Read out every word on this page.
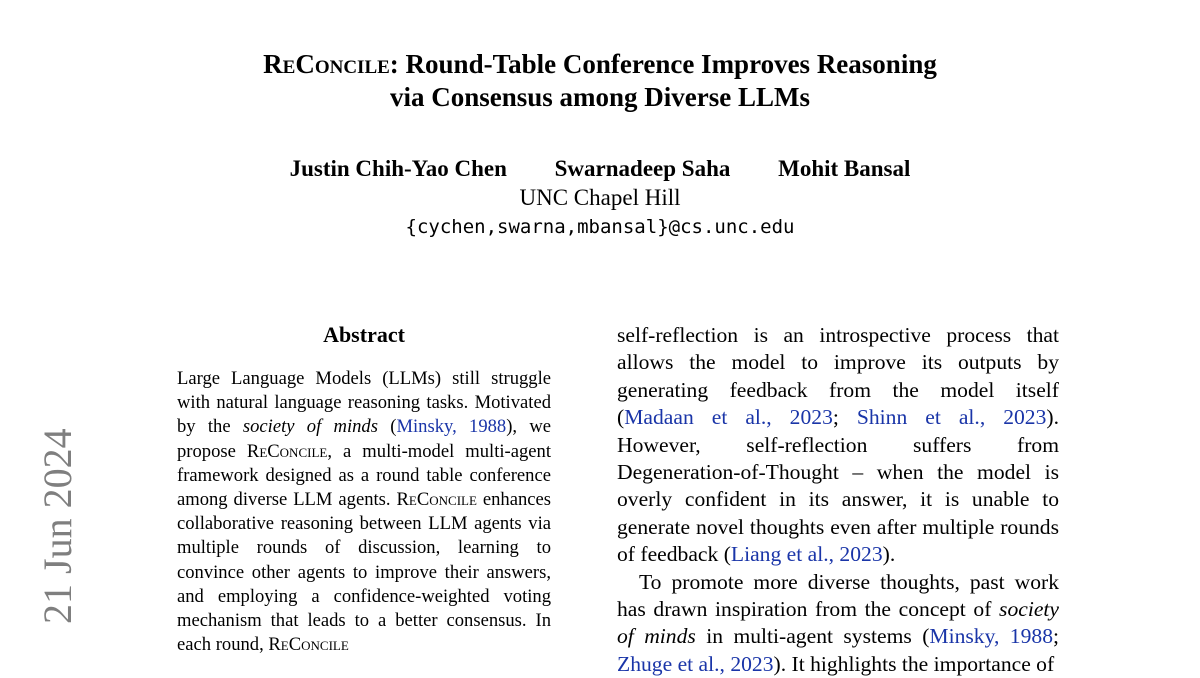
ReConcile: Round-Table Conference Improves Reasoning
via Consensus among Diverse LLMs
Justin Chih-Yao Chen Swarnadeep Saha Mohit Bansal
UNC Chapel Hill
{cychen,swarna,mbansal}@cs.unc.edu
21 Jun 2024
Abstract
Large Language Models (LLMs) still struggle with natural language reasoning tasks. Motivated by the society of minds (Minsky, 1988), we propose ReConcile, a multi-model multi-agent framework designed as a round table conference among diverse LLM agents. ReConcile enhances collaborative reasoning between LLM agents via multiple rounds of discussion, learning to convince other agents to improve their answers, and employing a confidence-weighted voting mechanism that leads to a better consensus. In each round, ReConcile

self-reflection is an introspective process that allows the model to improve its outputs by generating feedback from the model itself (Madaan et al., 2023; Shinn et al., 2023). However, self-reflection suffers from Degeneration-of-Thought – when the model is overly confident in its answer, it is unable to generate novel thoughts even after multiple rounds of feedback (Liang et al., 2023).

To promote more diverse thoughts, past work has drawn inspiration from the concept of society of minds in multi-agent systems (Minsky, 1988; Zhuge et al., 2023). It highlights the importance of
